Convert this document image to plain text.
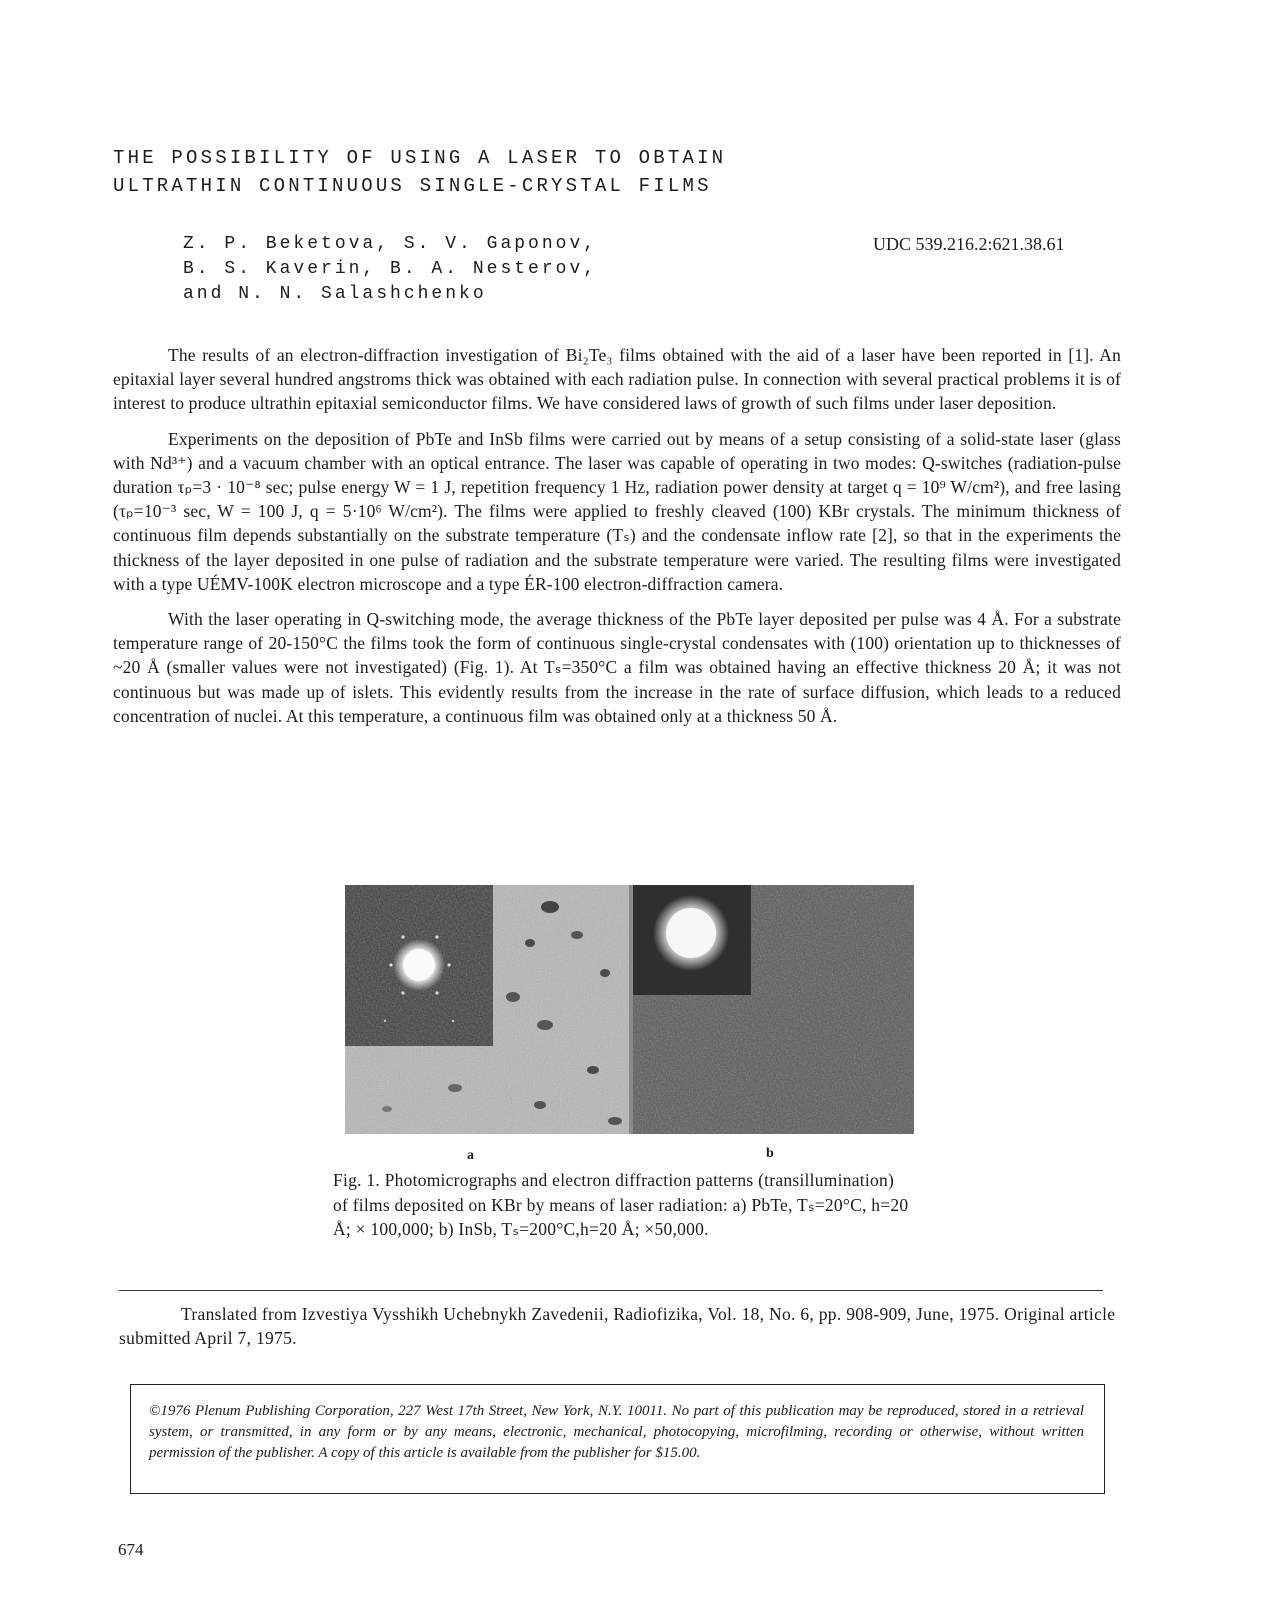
THE POSSIBILITY OF USING A LASER TO OBTAIN
ULTRATHIN CONTINUOUS SINGLE-CRYSTAL FILMS
Z. P. Beketova, S. V. Gaponov,
B. S. Kaverin, B. A. Nesterov,
and N. N. Salashchenko
UDC 539.216.2:621.38.61

The results of an electron-diffraction investigation of Bi₂Te₃ films obtained with the aid of a laser have been reported in [1]. An epitaxial layer several hundred angstroms thick was obtained with each radiation pulse. In connection with several practical problems it is of interest to produce ultrathin epitaxial semiconductor films. We have considered laws of growth of such films under laser deposition.

Experiments on the deposition of PbTe and InSb films were carried out by means of a setup consisting of a solid-state laser (glass with Nd³⁺) and a vacuum chamber with an optical entrance. The laser was capable of operating in two modes: Q-switches (radiation-pulse duration τₚ=3 · 10⁻⁸ sec; pulse energy W = 1 J, repetition frequency 1 Hz, radiation power density at target q = 10⁹ W/cm²), and free lasing (τₚ=10⁻³ sec, W = 100 J, q = 5·10⁶ W/cm²). The films were applied to freshly cleaved (100) KBr crystals. The minimum thickness of continuous film depends substantially on the substrate temperature (Tₛ) and the condensate inflow rate [2], so that in the experiments the thickness of the layer deposited in one pulse of radiation and the substrate temperature were varied. The resulting films were investigated with a type UÉMV-100K electron microscope and a type ÉR-100 electron-diffraction camera.

With the laser operating in Q-switching mode, the average thickness of the PbTe layer deposited per pulse was 4 Å. For a substrate temperature range of 20-150°C the films took the form of continuous single-crystal condensates with (100) orientation up to thicknesses of ~20 Å (smaller values were not investigated) (Fig. 1). At Tₛ=350°C a film was obtained having an effective thickness 20 Å; it was not continuous but was made up of islets. This evidently results from the increase in the rate of surface diffusion, which leads to a reduced concentration of nuclei. At this temperature, a continuous film was obtained only at a thickness 50 Å.

a	b
Fig. 1. Photomicrographs and electron diffraction patterns (transillumination) of films deposited on KBr by means of laser radiation: a) PbTe, Tₛ=20°C, h=20 Å; × 100,000; b) InSb, Tₛ=200°C,h=20 Å; ×50,000.
Translated from Izvestiya Vysshikh Uchebnykh Zavedenii, Radiofizika, Vol. 18, No. 6, pp. 908-909, June, 1975. Original article submitted April 7, 1975.
©1976 Plenum Publishing Corporation, 227 West 17th Street, New York, N.Y. 10011. No part of this publication may be reproduced, stored in a retrieval system, or transmitted, in any form or by any means, electronic, mechanical, photocopying, microfilming, recording or otherwise, without written permission of the publisher. A copy of this article is available from the publisher for $15.00.
674
